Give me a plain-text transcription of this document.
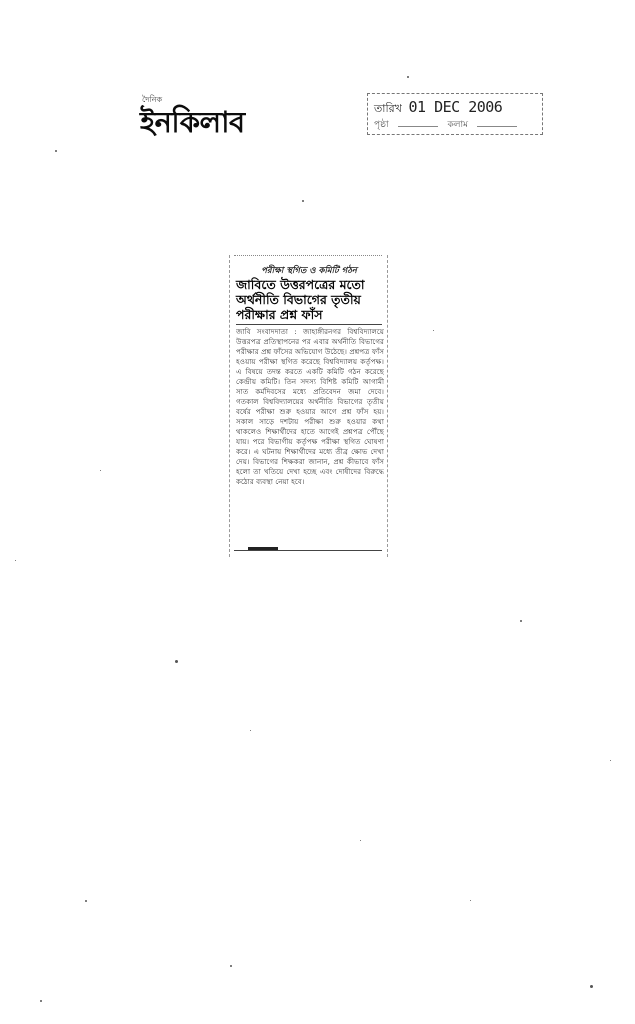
দৈনিক
ইনকিলাব	তারিখ 01 DEC 2006
পৃষ্ঠা	কলাম
পরীক্ষা স্থগিত ও কমিটি গঠন
জাবিতে উত্তরপত্রের মতো অর্থনীতি বিভাগের তৃতীয় পরীক্ষার প্রশ্ন ফাঁস
জাবি সংবাদদাতা : জাহাঙ্গীরনগর বিশ্ববিদ্যালয়ে উত্তরপত্র প্রতিস্থাপনের পর এবার অর্থনীতি বিভাগের পরীক্ষার প্রশ্ন ফাঁসের অভিযোগ উঠেছে। প্রশ্নপত্র ফাঁস হওয়ায় পরীক্ষা স্থগিত করেছে বিশ্ববিদ্যালয় কর্তৃপক্ষ। এ বিষয়ে তদন্ত করতে একটি কমিটি গঠন করেছে কেন্দ্রীয় কমিটি। তিন সদস্য বিশিষ্ট কমিটি আগামী সাত কর্মদিবসের মধ্যে প্রতিবেদন জমা দেবে। গতকাল বিশ্ববিদ্যালয়ের অর্থনীতি বিভাগের তৃতীয় বর্ষের পরীক্ষা শুরু হওয়ার আগে প্রশ্ন ফাঁস হয়। সকাল সাড়ে দশটায় পরীক্ষা শুরু হওয়ার কথা থাকলেও শিক্ষার্থীদের হাতে আগেই প্রশ্নপত্র পৌঁছে যায়। পরে বিভাগীয় কর্তৃপক্ষ পরীক্ষা স্থগিত ঘোষণা করে। এ ঘটনায় শিক্ষার্থীদের মধ্যে তীব্র ক্ষোভ দেখা দেয়। বিভাগের শিক্ষকরা জানান, প্রশ্ন কীভাবে ফাঁস হলো তা খতিয়ে দেখা হচ্ছে এবং দোষীদের বিরুদ্ধে কঠোর ব্যবস্থা নেয়া হবে।
